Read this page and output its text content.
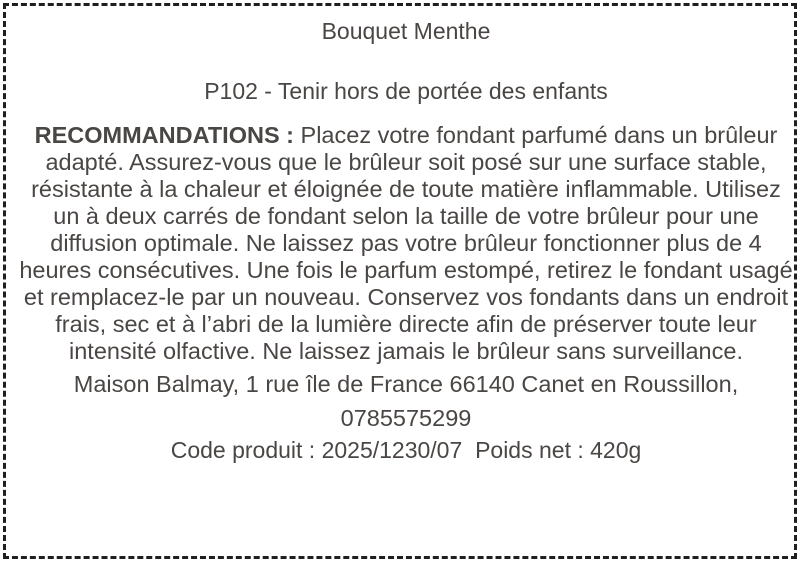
Bouquet Menthe

P102 - Tenir hors de portée des enfants

RECOMMANDATIONS : Placez votre fondant parfumé dans un brûleur adapté. Assurez-vous que le brûleur soit posé sur une surface stable, résistante à la chaleur et éloignée de toute matière inflammable. Utilisez un à deux carrés de fondant selon la taille de votre brûleur pour une diffusion optimale. Ne laissez pas votre brûleur fonctionner plus de 4 heures consécutives. Une fois le parfum estompé, retirez le fondant usagé et remplacez-le par un nouveau. Conservez vos fondants dans un endroit frais, sec et à l’abri de la lumière directe afin de préserver toute leur intensité olfactive. Ne laissez jamais le brûleur sans surveillance.

Maison Balmay, 1 rue île de France 66140 Canet en Roussillon, 0785575299

Code produit : 2025/1230/07 Poids net : 420g
